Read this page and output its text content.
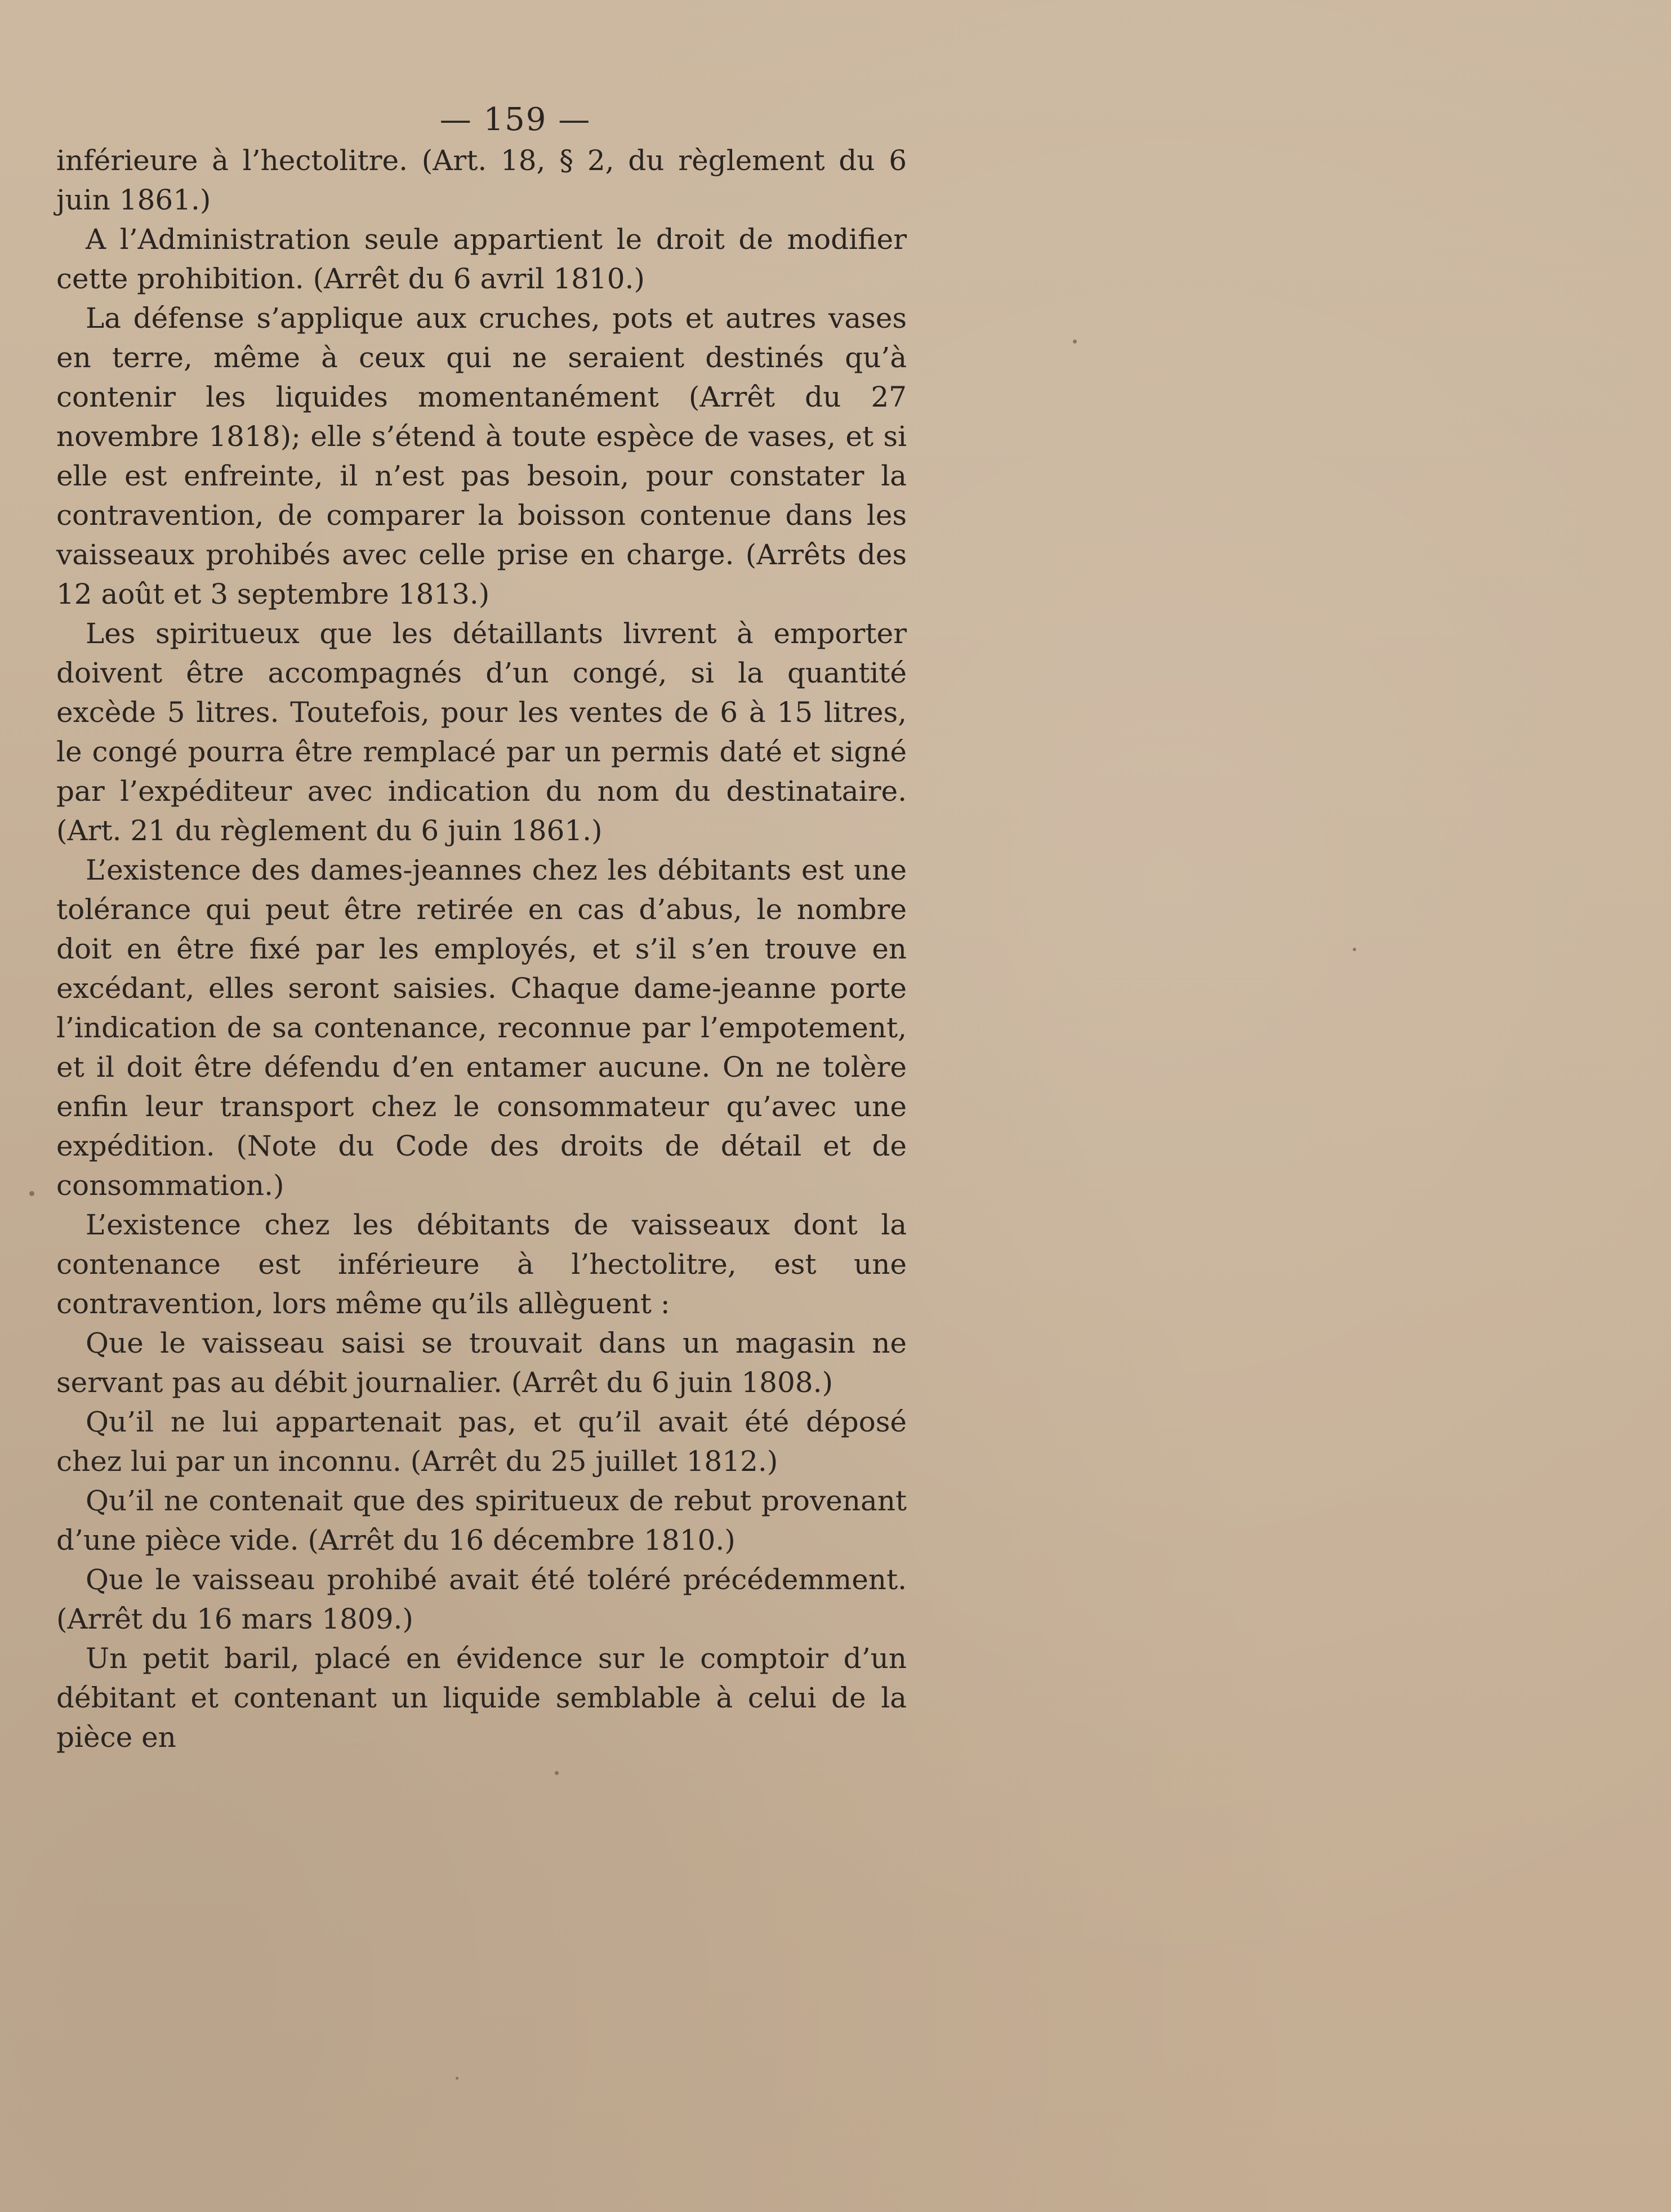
— 159 —

inférieure à l’hectolitre. (Art. 18, § 2, du règlement du 6 juin 1861.)

A l’Administration seule appartient le droit de modifier cette prohibition. (Arrêt du 6 avril 1810.)

La défense s’applique aux cruches, pots et autres vases en terre, même à ceux qui ne seraient destinés qu’à contenir les liquides momentanément (Arrêt du 27 novembre 1818); elle s’étend à toute espèce de vases, et si elle est enfreinte, il n’est pas besoin, pour constater la contravention, de comparer la boisson contenue dans les vaisseaux prohibés avec celle prise en charge. (Arrêts des 12 août et 3 septembre 1813.)

Les spiritueux que les détaillants livrent à emporter doivent être accompagnés d’un congé, si la quantité excède 5 litres. Toutefois, pour les ventes de 6 à 15 litres, le congé pourra être remplacé par un permis daté et signé par l’expéditeur avec indication du nom du destinataire. (Art. 21 du règlement du 6 juin 1861.)

L’existence des dames-jeannes chez les débitants est une tolérance qui peut être retirée en cas d’abus, le nombre doit en être fixé par les employés, et s’il s’en trouve en excédant, elles seront saisies. Chaque dame-jeanne porte l’indication de sa contenance, reconnue par l’empotement, et il doit être défendu d’en entamer aucune. On ne tolère enfin leur transport chez le consommateur qu’avec une expédition. (Note du Code des droits de détail et de consommation.)

L’existence chez les débitants de vaisseaux dont la contenance est inférieure à l’hectolitre, est une contravention, lors même qu’ils allèguent :

Que le vaisseau saisi se trouvait dans un magasin ne servant pas au débit journalier. (Arrêt du 6 juin 1808.)

Qu’il ne lui appartenait pas, et qu’il avait été déposé chez lui par un inconnu. (Arrêt du 25 juillet 1812.)

Qu’il ne contenait que des spiritueux de rebut provenant d’une pièce vide. (Arrêt du 16 décembre 1810.)

Que le vaisseau prohibé avait été toléré précédemment. (Arrêt du 16 mars 1809.)

Un petit baril, placé en évidence sur le comptoir d’un débitant et contenant un liquide semblable à celui de la pièce en
